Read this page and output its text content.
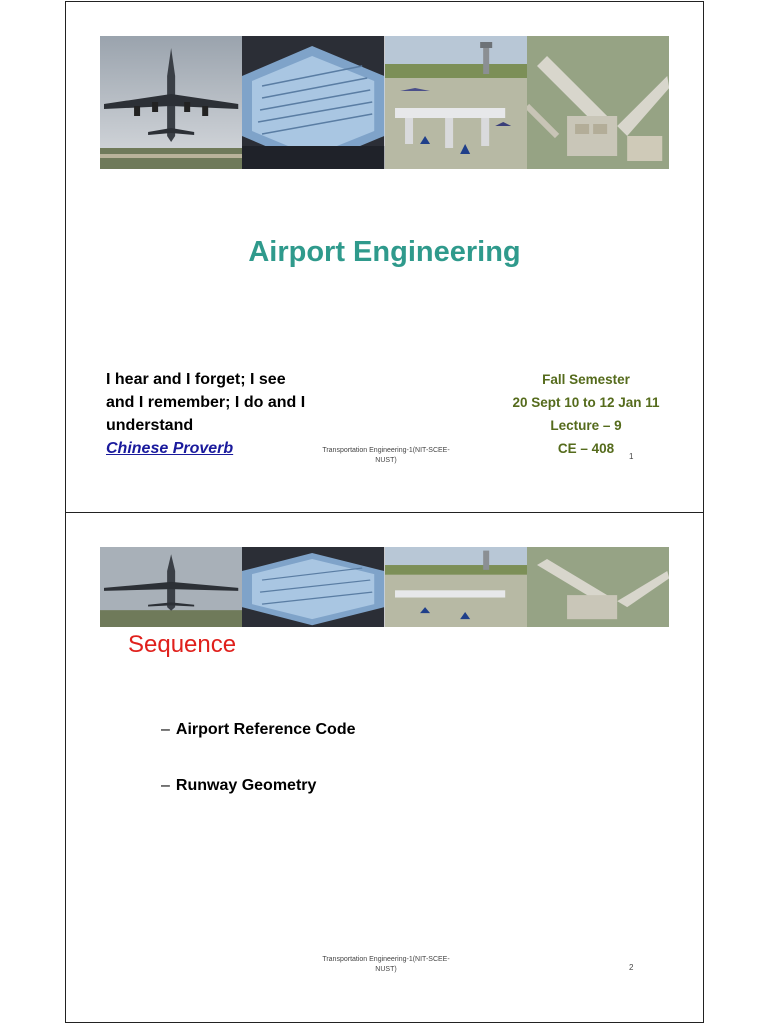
Airport Engineering
I hear and I forget; I see
and I remember; I do and I
understand
Chinese Proverb	Transportation Engineering-1(NIT-SCEE-
NUST)
Fall Semester
20 Sept 10 to 12 Jan 11
Lecture – 9
CE – 408
1
Sequence
– Airport Reference Code
– Runway Geometry
Transportation Engineering-1(NIT-SCEE-
NUST)	2
